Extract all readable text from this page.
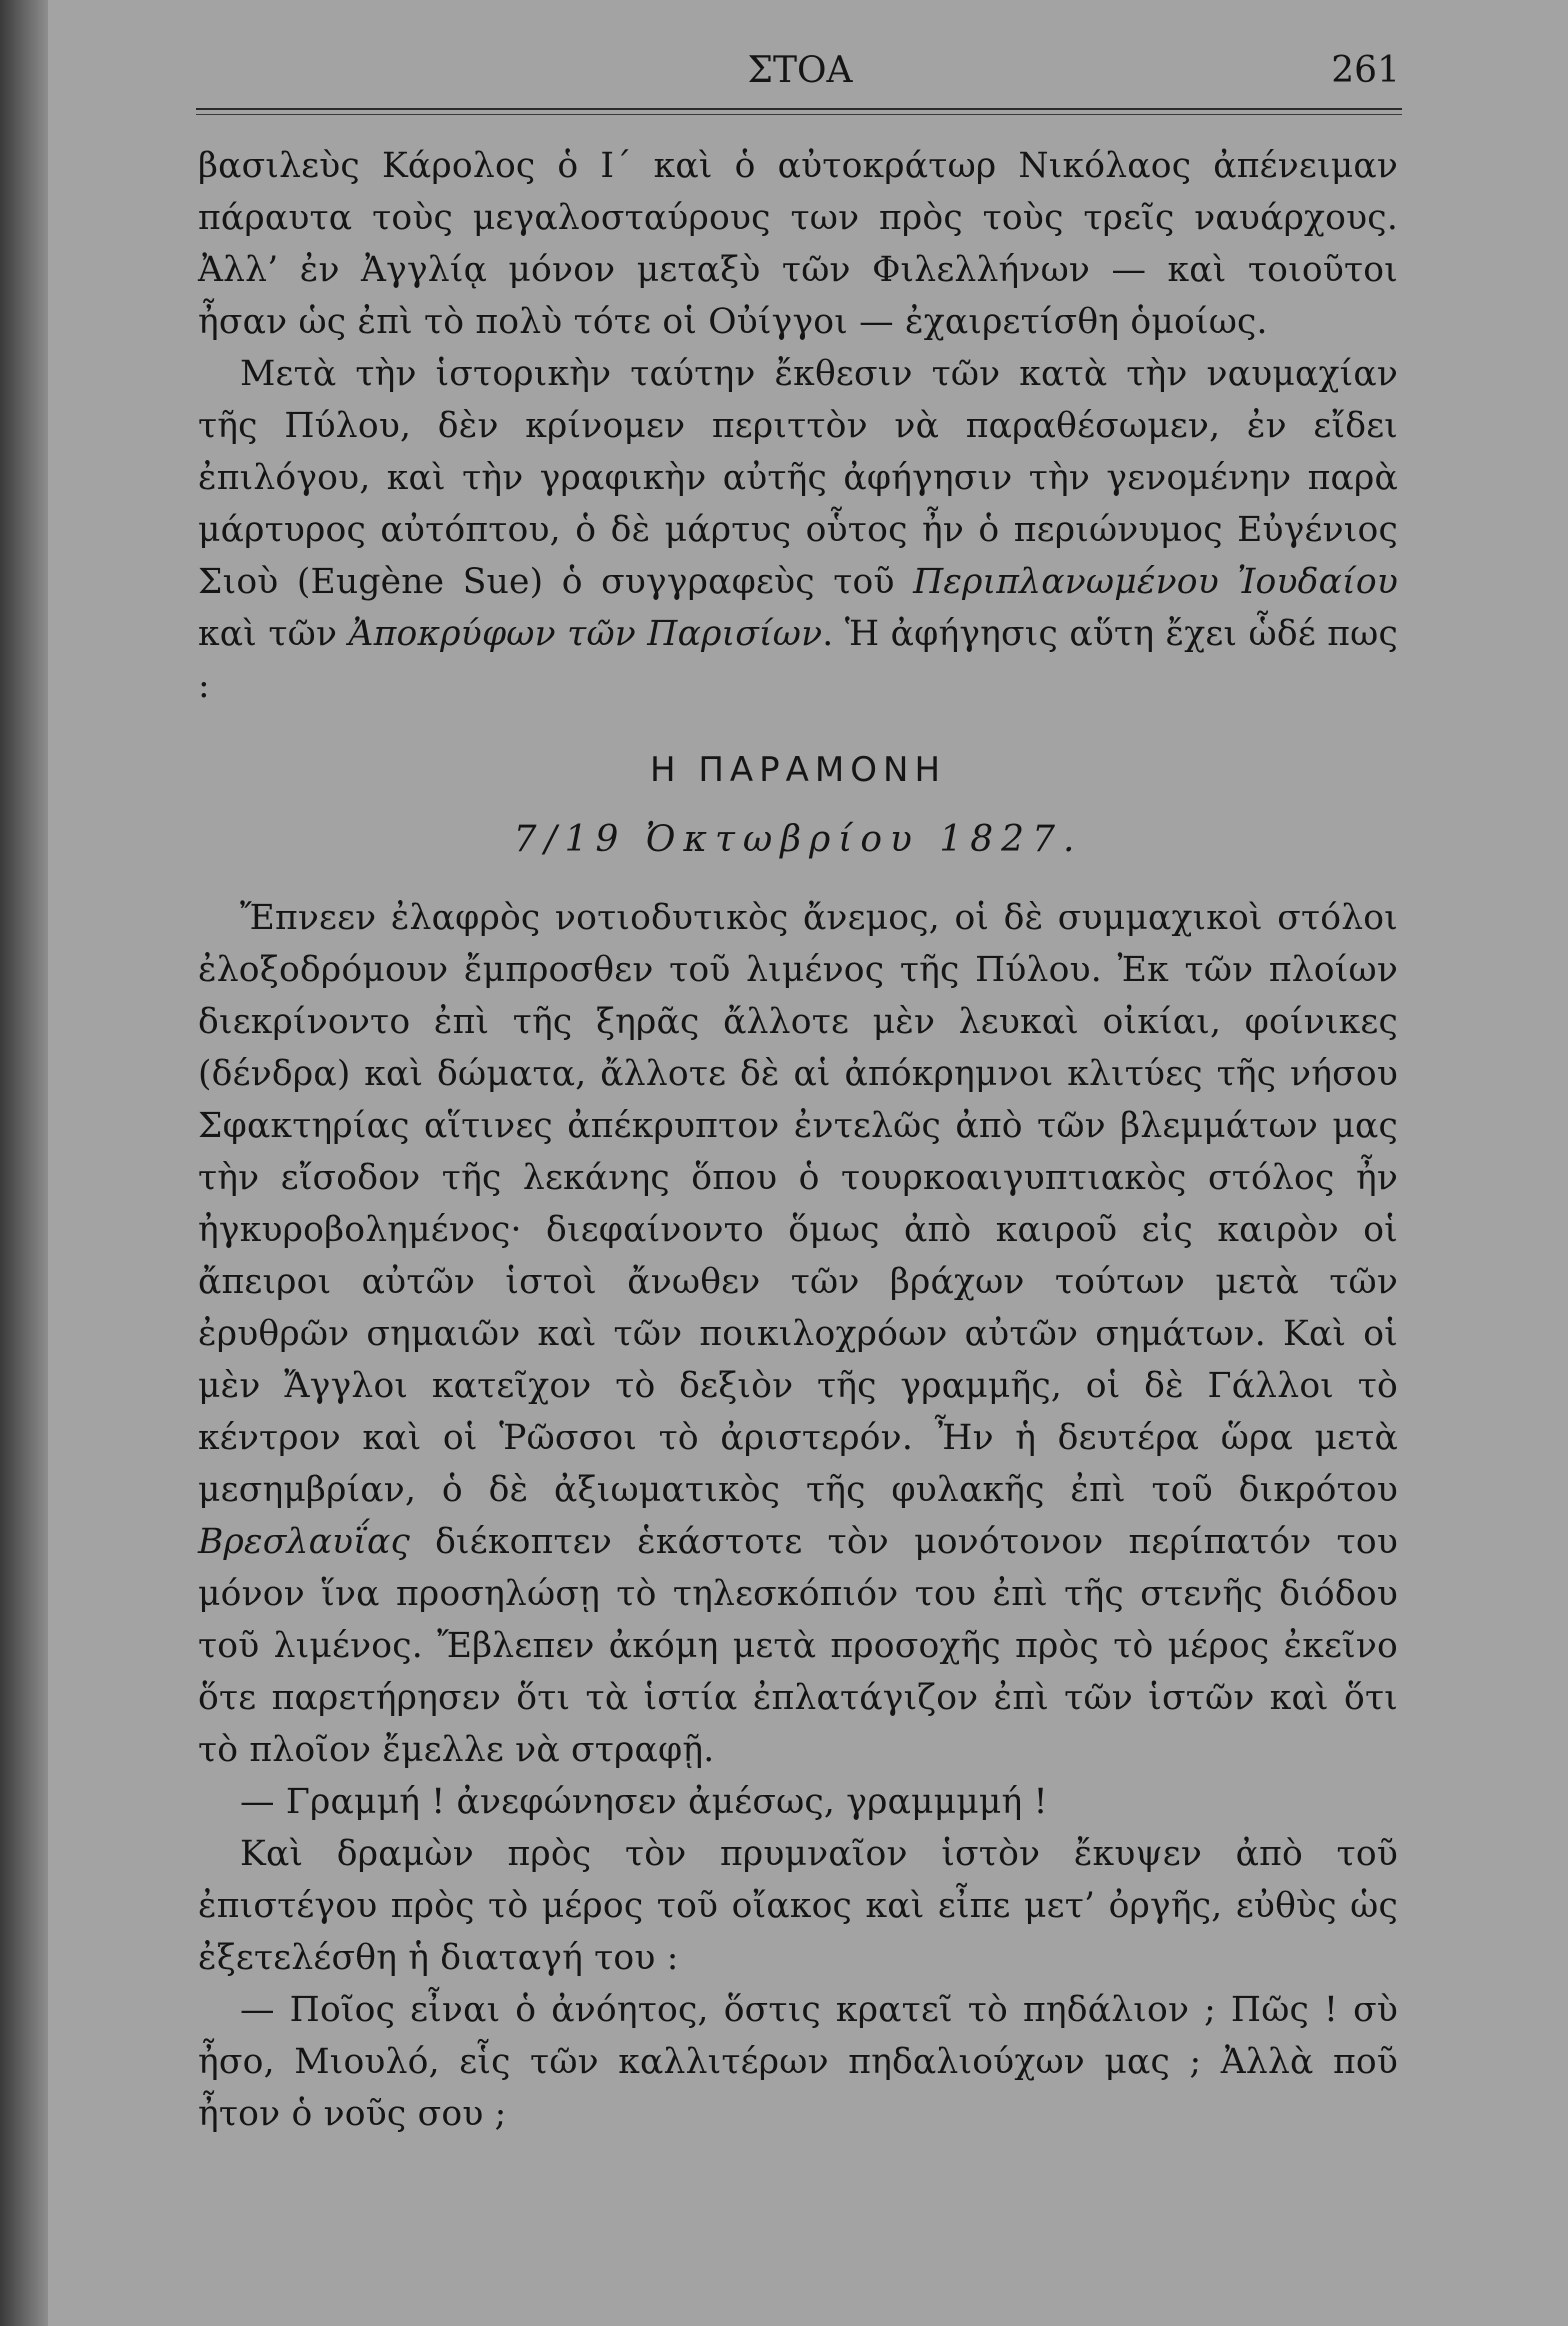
ΣΤΟΑ	261

βασιλεὺς Κάρολος ὁ Ι΄ καὶ ὁ αὐτοκράτωρ Νικόλαος ἀπένειμαν πάραυτα τοὺς μεγαλοσταύρους των πρὸς τοὺς τρεῖς ναυάρχους. Ἀλλ’ ἐν Ἀγγλίᾳ μόνον μεταξὺ τῶν Φιλελλήνων — καὶ τοιοῦτοι ἦσαν ὡς ἐπὶ τὸ πολὺ τότε οἱ Οὐίγγοι — ἐχαιρετίσθη ὁμοίως.

Μετὰ τὴν ἱστορικὴν ταύτην ἔκθεσιν τῶν κατὰ τὴν ναυμαχίαν τῆς Πύλου, δὲν κρίνομεν περιττὸν νὰ παραθέσωμεν, ἐν εἴδει ἐπιλόγου, καὶ τὴν γραφικὴν αὐτῆς ἀφήγησιν τὴν γενομένην παρὰ μάρτυρος αὐτόπτου, ὁ δὲ μάρτυς οὗτος ἦν ὁ περιώνυμος Εὐγένιος Σιοὺ (Eugène Sue) ὁ συγγραφεὺς τοῦ Περιπλανωμένου Ἰουδαίου καὶ τῶν Ἀποκρύφων τῶν Παρισίων. Ἡ ἀφήγησις αὕτη ἔχει ὧδέ πως :

Η ΠΑΡΑΜΟΝΗ
7/19 Ὀκτωβρίου 1827.

Ἔπνεεν ἐλαφρὸς νοτιοδυτικὸς ἄνεμος, οἱ δὲ συμμαχικοὶ στόλοι ἐλοξοδρόμουν ἔμπροσθεν τοῦ λιμένος τῆς Πύλου. Ἐκ τῶν πλοίων διεκρίνοντο ἐπὶ τῆς ξηρᾶς ἄλλοτε μὲν λευκαὶ οἰκίαι, φοίνικες (δένδρα) καὶ δώματα, ἄλλοτε δὲ αἱ ἀπόκρημνοι κλιτύες τῆς νήσου Σφακτηρίας αἵτινες ἀπέκρυπτον ἐντελῶς ἀπὸ τῶν βλεμμάτων μας τὴν εἴσοδον τῆς λεκάνης ὅπου ὁ τουρκοαιγυπτιακὸς στόλος ἦν ἠγκυροβολημένος· διεφαίνοντο ὅμως ἀπὸ καιροῦ εἰς καιρὸν οἱ ἄπειροι αὐτῶν ἱστοὶ ἄνωθεν τῶν βράχων τούτων μετὰ τῶν ἐρυθρῶν σημαιῶν καὶ τῶν ποικιλοχρόων αὐτῶν σημάτων. Καὶ οἱ μὲν Ἄγγλοι κατεῖχον τὸ δεξιὸν τῆς γραμμῆς, οἱ δὲ Γάλλοι τὸ κέντρον καὶ οἱ Ῥῶσσοι τὸ ἀριστερόν. Ἦν ἡ δευτέρα ὥρα μετὰ μεσημβρίαν, ὁ δὲ ἀξιωματικὸς τῆς φυλακῆς ἐπὶ τοῦ δικρότου Βρεσλαυΐας διέκοπτεν ἑκάστοτε τὸν μονότονον περίπατόν του μόνον ἵνα προσηλώσῃ τὸ τηλεσκόπιόν του ἐπὶ τῆς στενῆς διόδου τοῦ λιμένος. Ἔβλεπεν ἀκόμη μετὰ προσοχῆς πρὸς τὸ μέρος ἐκεῖνο ὅτε παρετήρησεν ὅτι τὰ ἱστία ἐπλατάγιζον ἐπὶ τῶν ἱστῶν καὶ ὅτι τὸ πλοῖον ἔμελλε νὰ στραφῇ.

— Γραμμή ! ἀνεφώνησεν ἀμέσως, γραμμμμή !

Καὶ δραμὼν πρὸς τὸν πρυμναῖον ἱστὸν ἔκυψεν ἀπὸ τοῦ ἐπιστέγου πρὸς τὸ μέρος τοῦ οἴακος καὶ εἶπε μετ’ ὀργῆς, εὐθὺς ὡς ἐξετελέσθη ἡ διαταγή του :

— Ποῖος εἶναι ὁ ἀνόητος, ὅστις κρατεῖ τὸ πηδάλιον ; Πῶς ! σὺ ἦσο, Μιουλό, εἷς τῶν καλλιτέρων πηδαλιούχων μας ; Ἀλλὰ ποῦ ἦτον ὁ νοῦς σου ;
